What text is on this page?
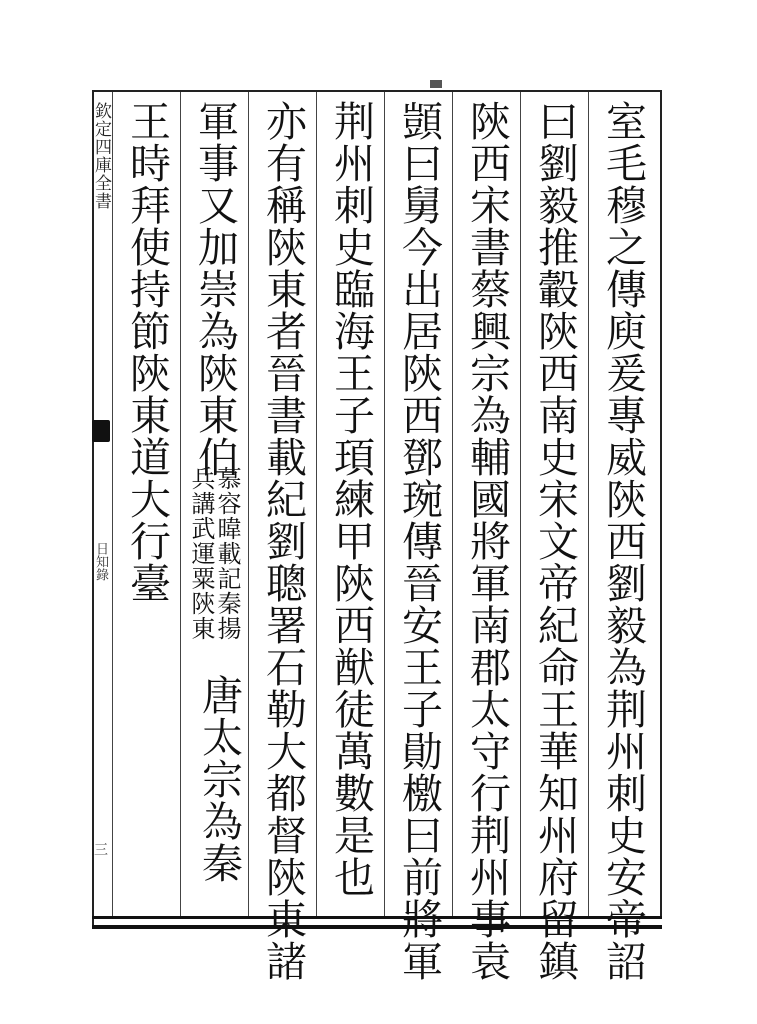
欽定四庫全書
日知錄
三	室毛穆之傳庾爰專威陝西劉毅為荆州刺史安帝詔
曰劉毅推轂陝西南史宋文帝紀命王華知州府留鎮
陝西宋書蔡興宗為輔國將軍南郡太守行荆州事袁
顗曰舅今出居陝西鄧琬傳晉安王子勛檄曰前將軍
荆州刺史臨海王子頊練甲陝西猷徒萬數是也
亦有稱陝東者晉書載紀劉聰署石勒大都督陝東諸
軍事又加崇為陝東伯
慕容暐載記秦揚
兵講武運粟陝東
唐太宗為秦
王時拜使持節陝東道大行臺
